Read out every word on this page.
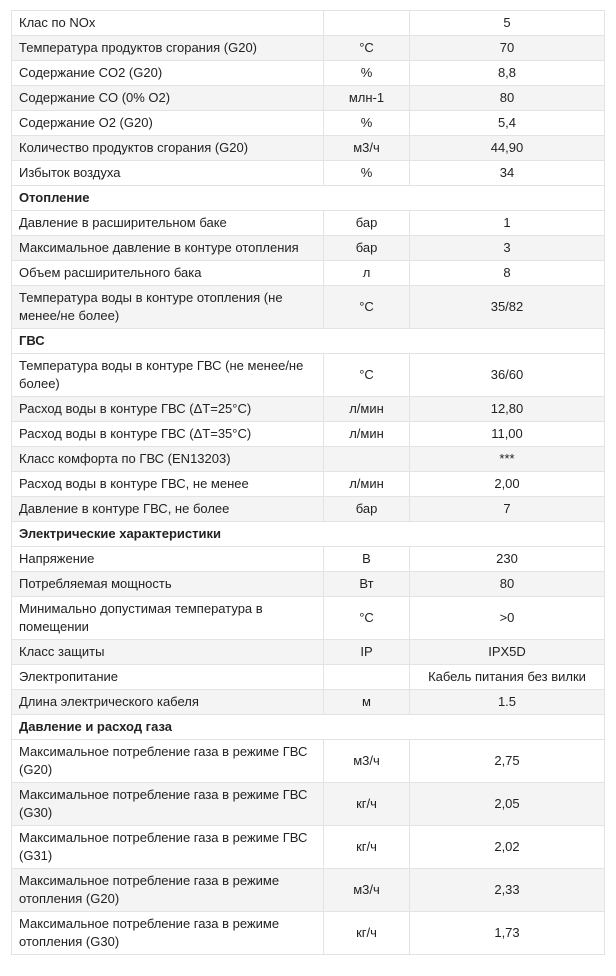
Клас по NOx		5
Температура продуктов сгорания (G20)	°C	70
Содержание CO2 (G20)	%	8,8
Содержание CO (0% O2)	млн-1	80
Содержание O2 (G20)	%	5,4
Количество продуктов сгорания (G20)	м3/ч	44,90
Избыток воздуха	%	34
Отопление		
Давление в расширительном баке	бар	1
Максимальное давление в контуре отопления	бар	3
Объем расширительного бака	л	8
Температура воды в контуре отопления (не менее/не более)	°C	35/82
ГВС		
Температура воды в контуре ГВС (не менее/не более)	°C	36/60
Расход воды в контуре ГВС (ΔT=25°C)	л/мин	12,80
Расход воды в контуре ГВС (ΔT=35°C)	л/мин	11,00
Класс комфорта по ГВС (EN13203)		***
Расход воды в контуре ГВС, не менее	л/мин	2,00
Давление в контуре ГВС, не более	бар	7
Электрические характеристики		
Напряжение	В	230
Потребляемая мощность	Вт	80
Минимально допустимая температура в помещении	°C	>0
Класс защиты	IP	IPX5D
Электропитание		Кабель питания без вилки
Длина электрического кабеля	м	1.5
Давление и расход газа		
Максимальное потребление газа в режиме ГВС (G20)	м3/ч	2,75
Максимальное потребление газа в режиме ГВС (G30)	кг/ч	2,05
Максимальное потребление газа в режиме ГВС (G31)	кг/ч	2,02
Максимальное потребление газа в режиме отопления (G20)	м3/ч	2,33
Максимальное потребление газа в режиме отопления (G30)	кг/ч	1,73
